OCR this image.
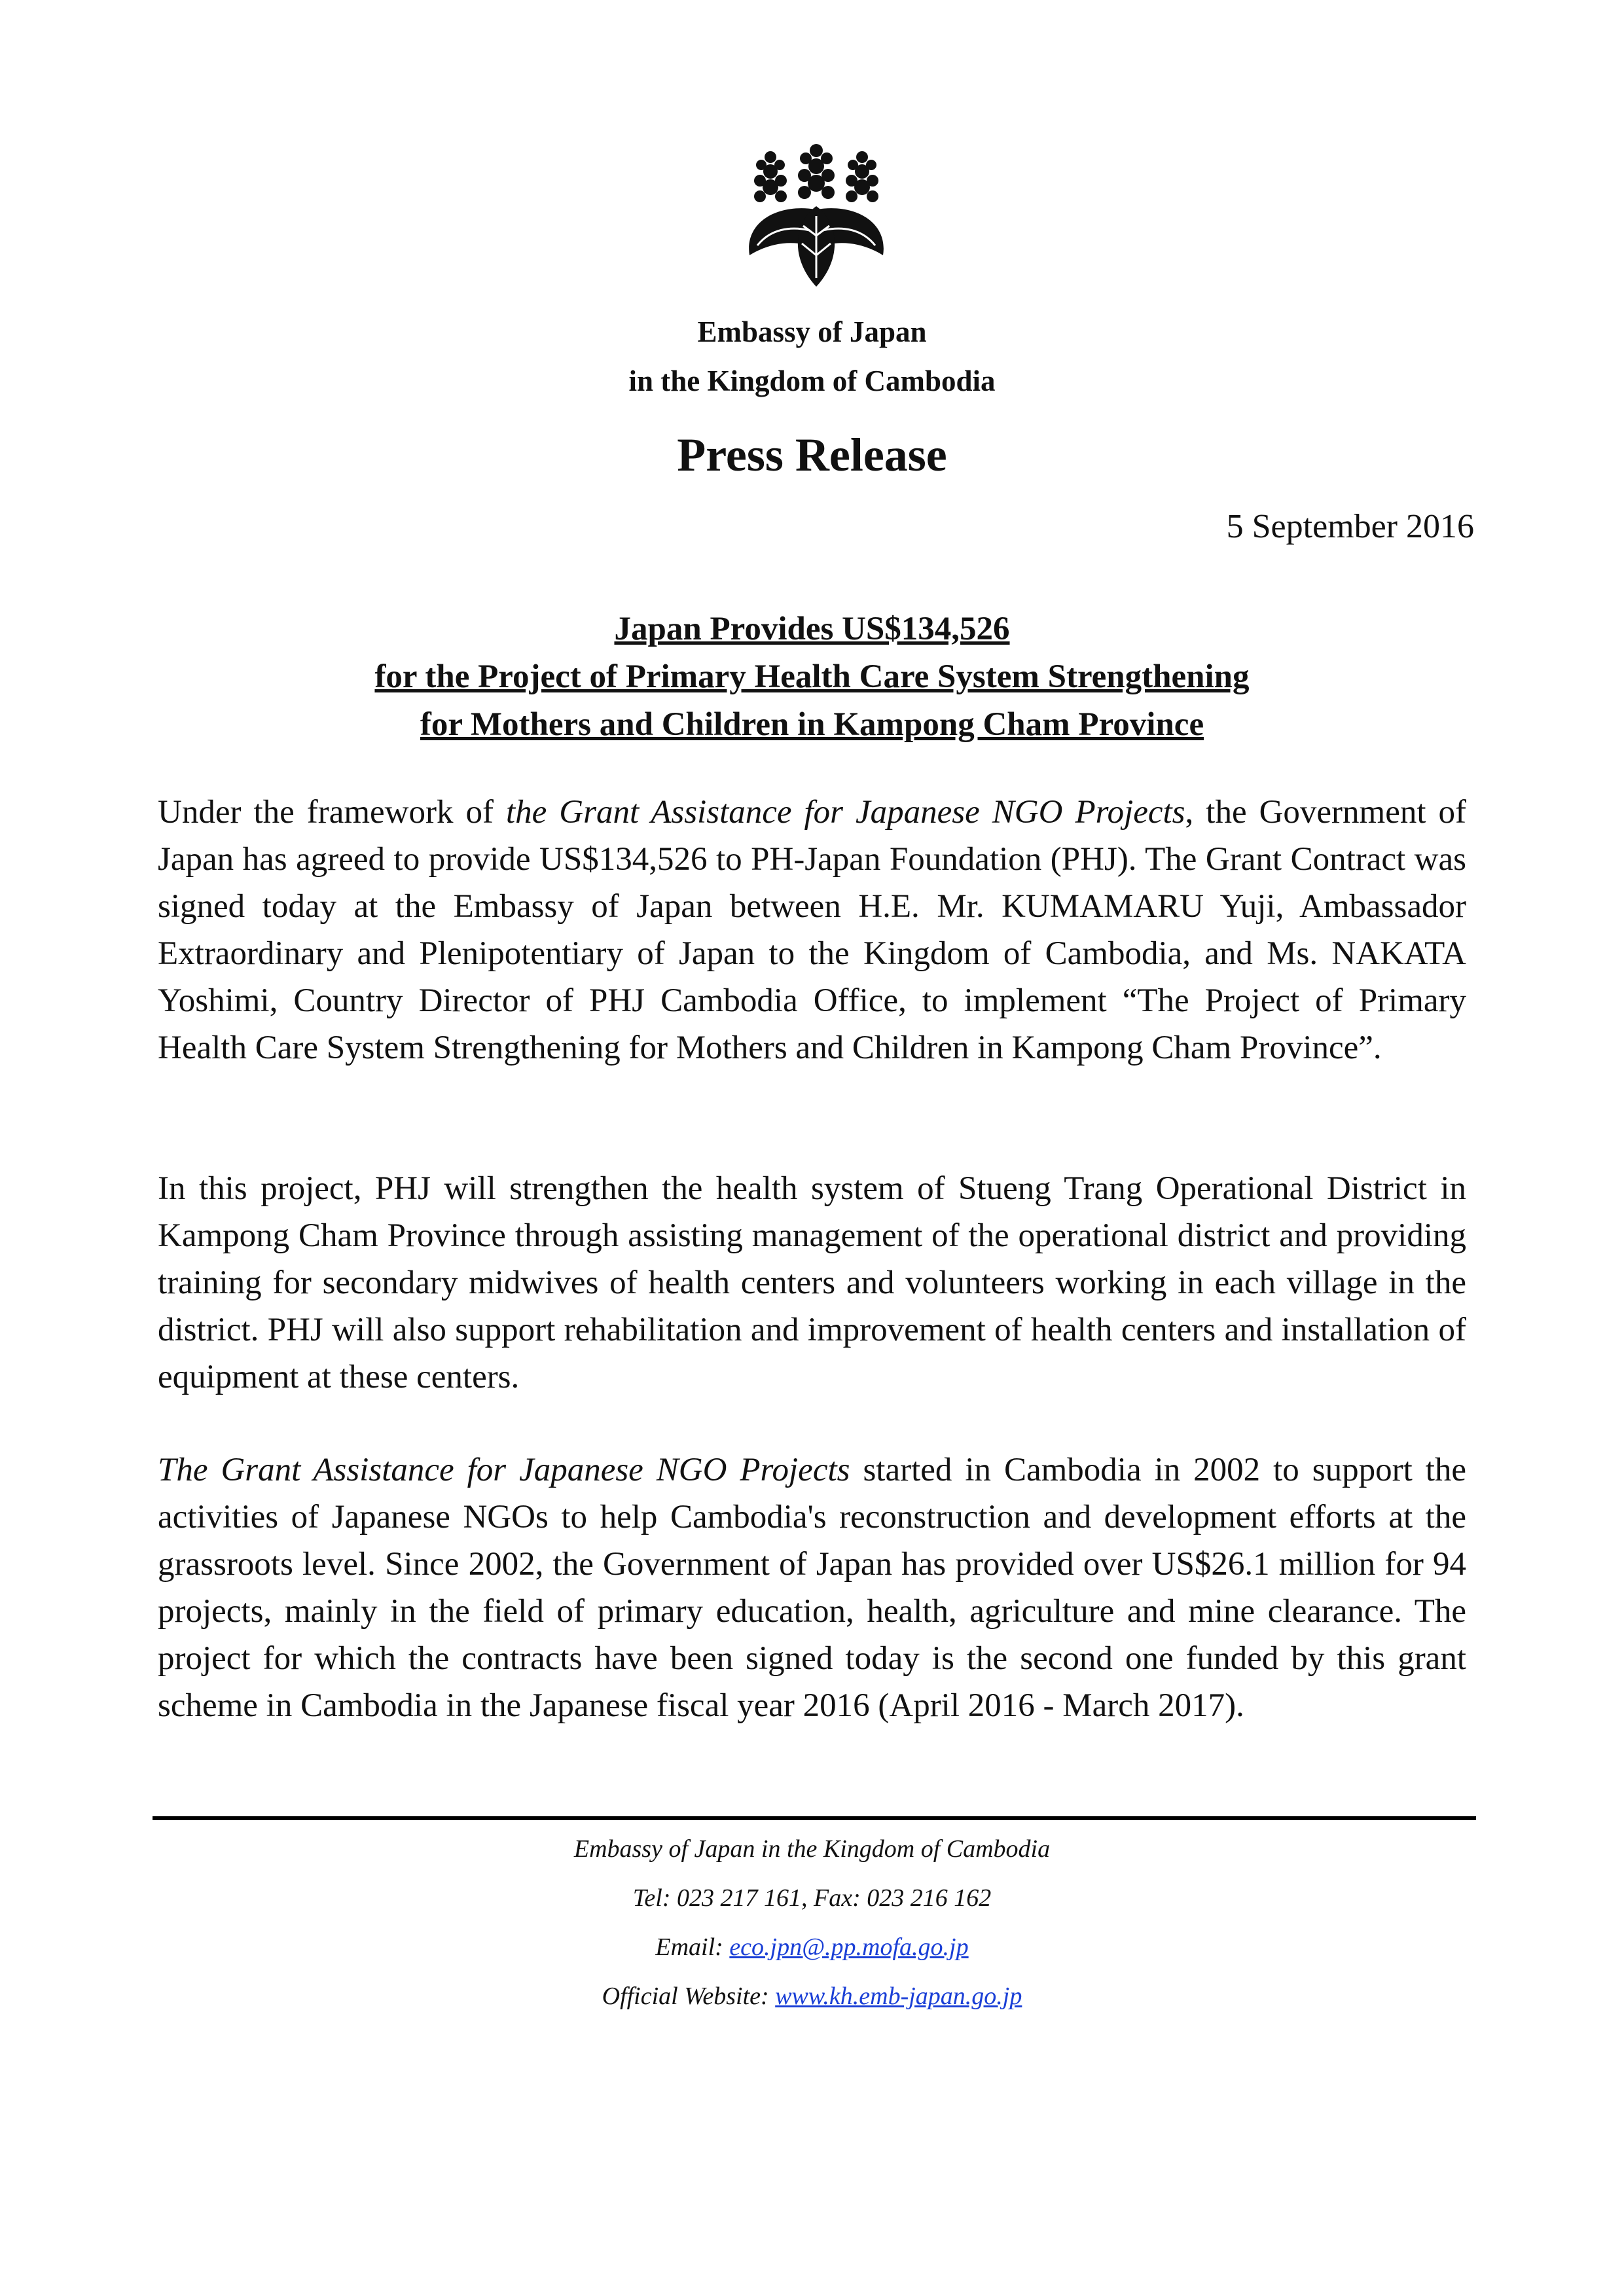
Embassy of Japan
in the Kingdom of Cambodia
Press Release
5 September 2016
Japan Provides US$134,526
for the Project of Primary Health Care System Strengthening
for Mothers and Children in Kampong Cham Province

Under the framework of the Grant Assistance for Japanese NGO Projects, the Government of Japan has agreed to provide US$134,526 to PH-Japan Foundation (PHJ). The Grant Contract was signed today at the Embassy of Japan between H.E. Mr. KUMAMARU Yuji, Ambassador Extraordinary and Plenipotentiary of Japan to the Kingdom of Cambodia, and Ms. NAKATA Yoshimi, Country Director of PHJ Cambodia Office, to implement “The Project of Primary Health Care System Strengthening for Mothers and Children in Kampong Cham Province”.

In this project, PHJ will strengthen the health system of Stueng Trang Operational District in Kampong Cham Province through assisting management of the operational district and providing training for secondary midwives of health centers and volunteers working in each village in the district. PHJ will also support rehabilitation and improvement of health centers and installation of equipment at these centers.

The Grant Assistance for Japanese NGO Projects started in Cambodia in 2002 to support the activities of Japanese NGOs to help Cambodia's reconstruction and development efforts at the grassroots level. Since 2002, the Government of Japan has provided over US$26.1 million for 94 projects, mainly in the field of primary education, health, agriculture and mine clearance. The project for which the contracts have been signed today is the second one funded by this grant scheme in Cambodia in the Japanese fiscal year 2016 (April 2016 - March 2017).

Embassy of Japan in the Kingdom of Cambodia
Tel: 023 217 161, Fax: 023 216 162
Email: eco.jpn@.pp.mofa.go.jp
Official Website: www.kh.emb-japan.go.jp
